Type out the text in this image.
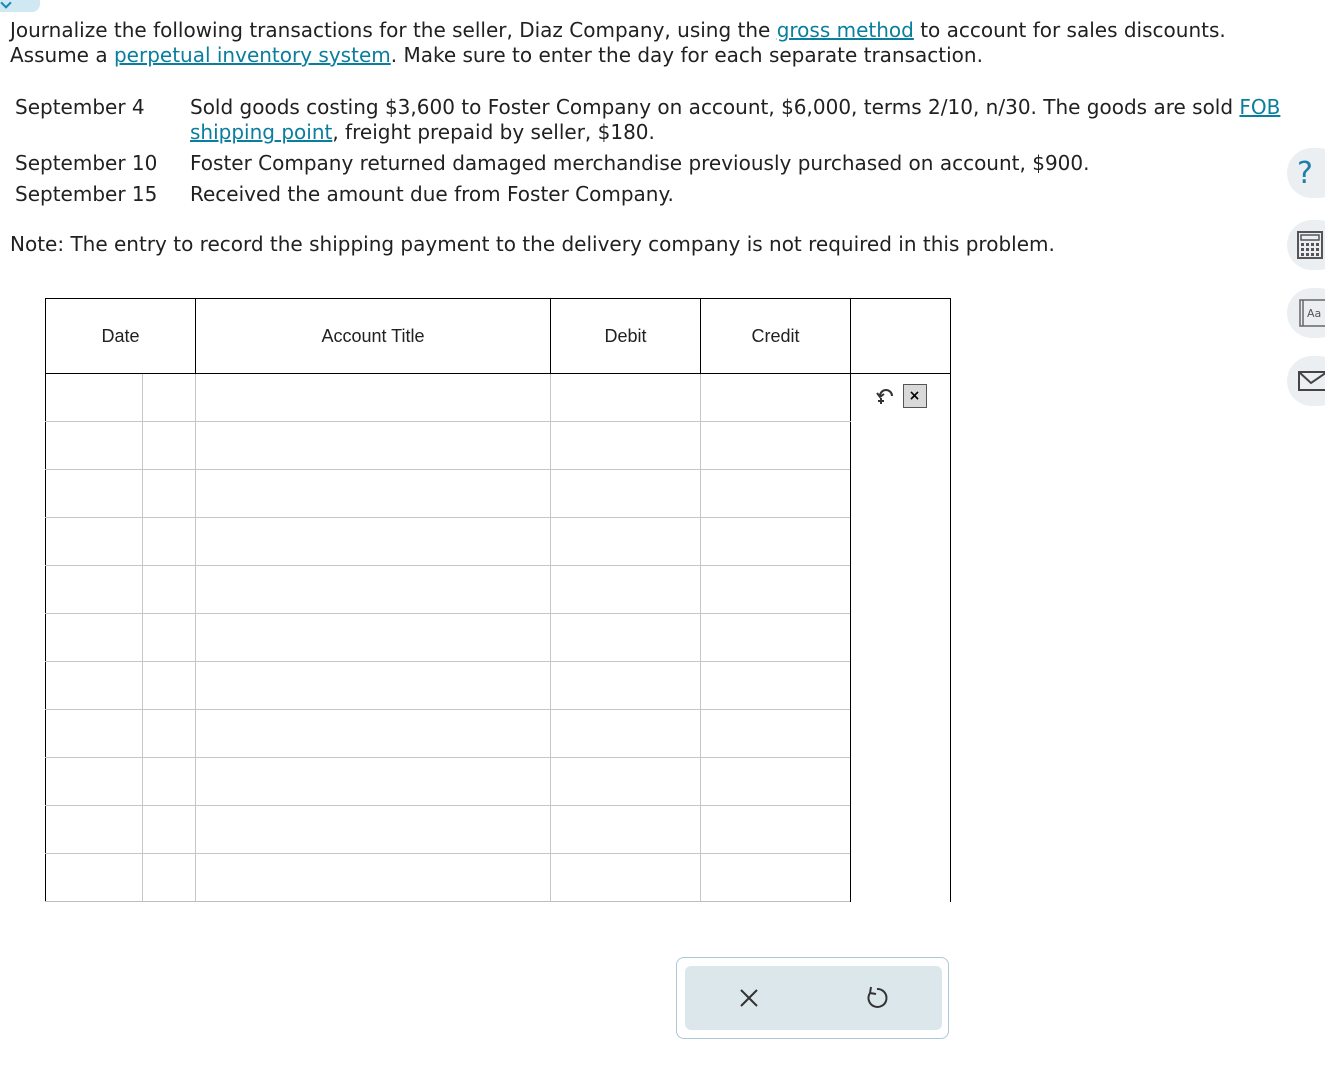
Journalize the following transactions for the seller, Diaz Company, using the gross method to account for sales discounts. Assume a perpetual inventory system. Make sure to enter the day for each separate transaction.

September 4 Sold goods costing $3,600 to Foster Company on account, $6,000, terms 2/10, n/30. The goods are sold FOB shipping point, freight prepaid by seller, $180.
September 10 Foster Company returned damaged merchandise previously purchased on account, $900.
September 15 Received the amount due from Foster Company.

Note: The entry to record the shipping payment to the delivery company is not required in this problem.

Date		Account Title	Debit	Credit	

×

?
Aa
